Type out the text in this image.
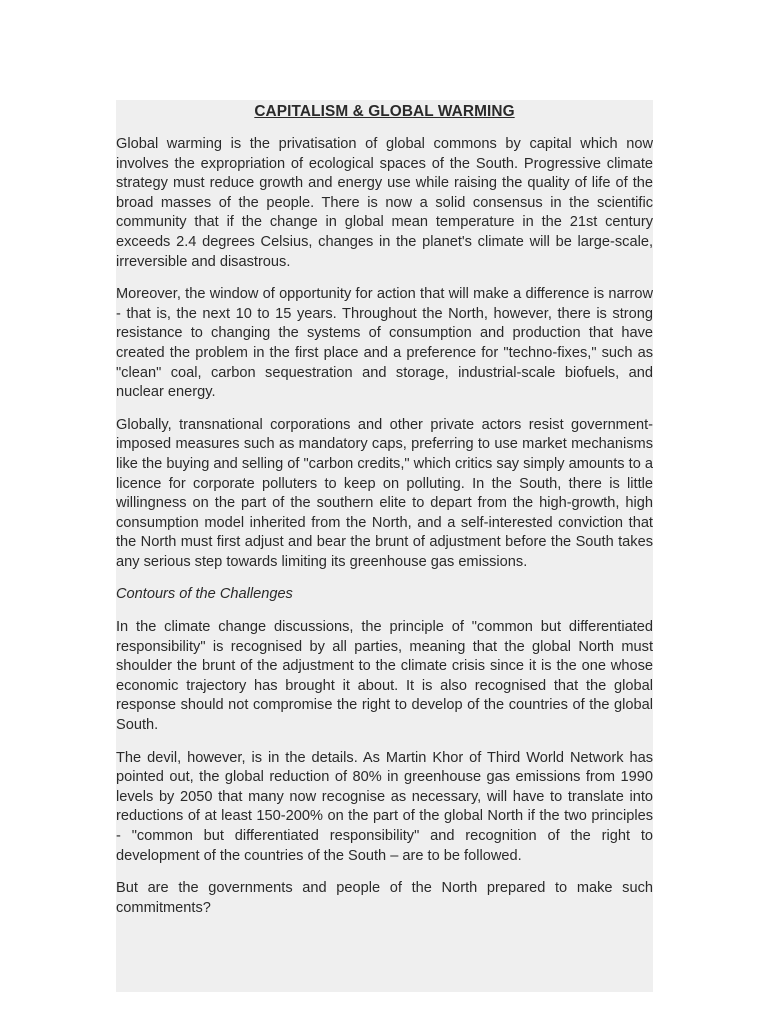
CAPITALISM & GLOBAL WARMING

Global warming is the privatisation of global commons by capital which now involves the expropriation of ecological spaces of the South. Progressive climate strategy must reduce growth and energy use while raising the quality of life of the broad masses of the people. There is now a solid consensus in the scientific community that if the change in global mean temperature in the 21st century exceeds 2.4 degrees Celsius, changes in the planet's climate will be large-scale, irreversible and disastrous.

Moreover, the window of opportunity for action that will make a difference is narrow - that is, the next 10 to 15 years. Throughout the North, however, there is strong resistance to changing the systems of consumption and production that have created the problem in the first place and a preference for "techno-fixes," such as "clean" coal, carbon sequestration and storage, industrial-scale biofuels, and nuclear energy.

Globally, transnational corporations and other private actors resist government-imposed measures such as mandatory caps, preferring to use market mechanisms like the buying and selling of "carbon credits," which critics say simply amounts to a licence for corporate polluters to keep on polluting. In the South, there is little willingness on the part of the southern elite to depart from the high-growth, high consumption model inherited from the North, and a self-interested conviction that the North must first adjust and bear the brunt of adjustment before the South takes any serious step towards limiting its greenhouse gas emissions.

Contours of the Challenges

In the climate change discussions, the principle of "common but differentiated responsibility" is recognised by all parties, meaning that the global North must shoulder the brunt of the adjustment to the climate crisis since it is the one whose economic trajectory has brought it about. It is also recognised that the global response should not compromise the right to develop of the countries of the global South.

The devil, however, is in the details. As Martin Khor of Third World Network has pointed out, the global reduction of 80% in greenhouse gas emissions from 1990 levels by 2050 that many now recognise as necessary, will have to translate into reductions of at least 150-200% on the part of the global North if the two principles - "common but differentiated responsibility" and recognition of the right to development of the countries of the South – are to be followed.

But are the governments and people of the North prepared to make such commitments?
